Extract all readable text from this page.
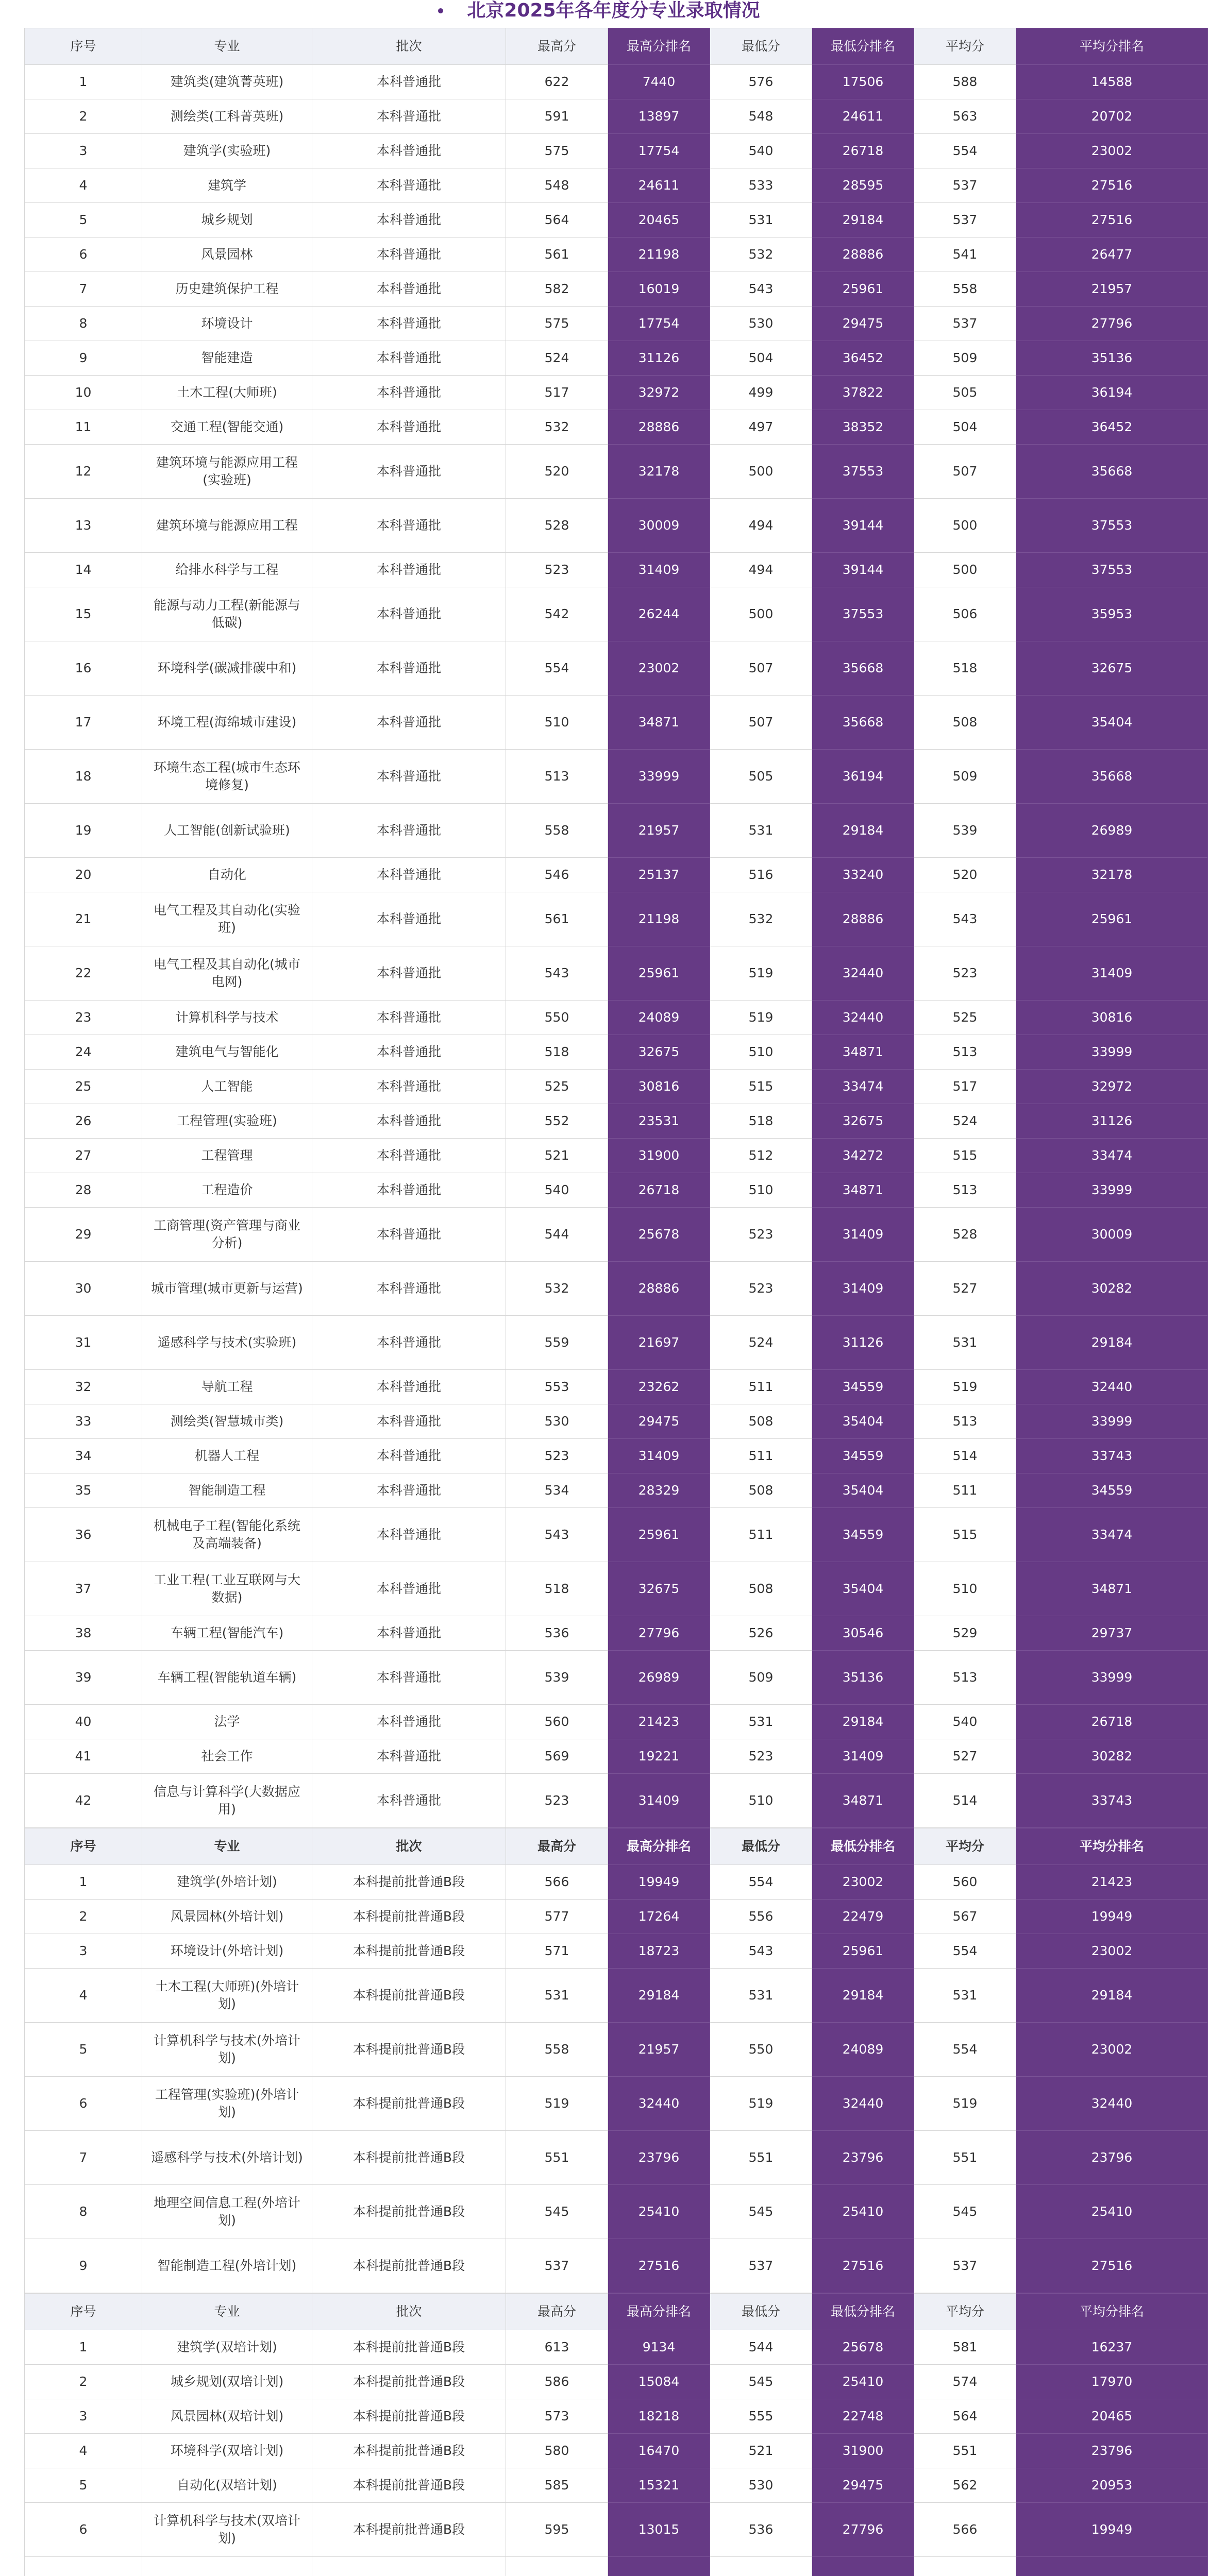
北京2025年各年度分专业录取情况
序号	专业	批次	最高分	最高分排名	最低分	最低分排名	平均分	平均分排名
1	建筑类(建筑菁英班)	本科普通批	622	7440	576	17506	588	14588
2	测绘类(工科菁英班)	本科普通批	591	13897	548	24611	563	20702
3	建筑学(实验班)	本科普通批	575	17754	540	26718	554	23002
4	建筑学	本科普通批	548	24611	533	28595	537	27516
5	城乡规划	本科普通批	564	20465	531	29184	537	27516
6	风景园林	本科普通批	561	21198	532	28886	541	26477
7	历史建筑保护工程	本科普通批	582	16019	543	25961	558	21957
8	环境设计	本科普通批	575	17754	530	29475	537	27796
9	智能建造	本科普通批	524	31126	504	36452	509	35136
10	土木工程(大师班)	本科普通批	517	32972	499	37822	505	36194
11	交通工程(智能交通)	本科普通批	532	28886	497	38352	504	36452
12	建筑环境与能源应用工程(实验班)	本科普通批	520	32178	500	37553	507	35668
13	建筑环境与能源应用工程	本科普通批	528	30009	494	39144	500	37553
14	给排水科学与工程	本科普通批	523	31409	494	39144	500	37553
15	能源与动力工程(新能源与低碳)	本科普通批	542	26244	500	37553	506	35953
16	环境科学(碳减排碳中和)	本科普通批	554	23002	507	35668	518	32675
17	环境工程(海绵城市建设)	本科普通批	510	34871	507	35668	508	35404
18	环境生态工程(城市生态环境修复)	本科普通批	513	33999	505	36194	509	35668
19	人工智能(创新试验班)	本科普通批	558	21957	531	29184	539	26989
20	自动化	本科普通批	546	25137	516	33240	520	32178
21	电气工程及其自动化(实验班)	本科普通批	561	21198	532	28886	543	25961
22	电气工程及其自动化(城市电网)	本科普通批	543	25961	519	32440	523	31409
23	计算机科学与技术	本科普通批	550	24089	519	32440	525	30816
24	建筑电气与智能化	本科普通批	518	32675	510	34871	513	33999
25	人工智能	本科普通批	525	30816	515	33474	517	32972
26	工程管理(实验班)	本科普通批	552	23531	518	32675	524	31126
27	工程管理	本科普通批	521	31900	512	34272	515	33474
28	工程造价	本科普通批	540	26718	510	34871	513	33999
29	工商管理(资产管理与商业分析)	本科普通批	544	25678	523	31409	528	30009
30	城市管理(城市更新与运营)	本科普通批	532	28886	523	31409	527	30282
31	遥感科学与技术(实验班)	本科普通批	559	21697	524	31126	531	29184
32	导航工程	本科普通批	553	23262	511	34559	519	32440
33	测绘类(智慧城市类)	本科普通批	530	29475	508	35404	513	33999
34	机器人工程	本科普通批	523	31409	511	34559	514	33743
35	智能制造工程	本科普通批	534	28329	508	35404	511	34559
36	机械电子工程(智能化系统及高端装备)	本科普通批	543	25961	511	34559	515	33474
37	工业工程(工业互联网与大数据)	本科普通批	518	32675	508	35404	510	34871
38	车辆工程(智能汽车)	本科普通批	536	27796	526	30546	529	29737
39	车辆工程(智能轨道车辆)	本科普通批	539	26989	509	35136	513	33999
40	法学	本科普通批	560	21423	531	29184	540	26718
41	社会工作	本科普通批	569	19221	523	31409	527	30282
42	信息与计算科学(大数据应用)	本科普通批	523	31409	510	34871	514	33743
序号	专业	批次	最高分	最高分排名	最低分	最低分排名	平均分	平均分排名
1	建筑学(外培计划)	本科提前批普通B段	566	19949	554	23002	560	21423
2	风景园林(外培计划)	本科提前批普通B段	577	17264	556	22479	567	19949
3	环境设计(外培计划)	本科提前批普通B段	571	18723	543	25961	554	23002
4	土木工程(大师班)(外培计划)	本科提前批普通B段	531	29184	531	29184	531	29184
5	计算机科学与技术(外培计划)	本科提前批普通B段	558	21957	550	24089	554	23002
6	工程管理(实验班)(外培计划)	本科提前批普通B段	519	32440	519	32440	519	32440
7	遥感科学与技术(外培计划)	本科提前批普通B段	551	23796	551	23796	551	23796
8	地理空间信息工程(外培计划)	本科提前批普通B段	545	25410	545	25410	545	25410
9	智能制造工程(外培计划)	本科提前批普通B段	537	27516	537	27516	537	27516
序号	专业	批次	最高分	最高分排名	最低分	最低分排名	平均分	平均分排名
1	建筑学(双培计划)	本科提前批普通B段	613	9134	544	25678	581	16237
2	城乡规划(双培计划)	本科提前批普通B段	586	15084	545	25410	574	17970
3	风景园林(双培计划)	本科提前批普通B段	573	18218	555	22748	564	20465
4	环境科学(双培计划)	本科提前批普通B段	580	16470	521	31900	551	23796
5	自动化(双培计划)	本科提前批普通B段	585	15321	530	29475	562	20953
6	计算机科学与技术(双培计划)	本科提前批普通B段	595	13015	536	27796	566	19949
